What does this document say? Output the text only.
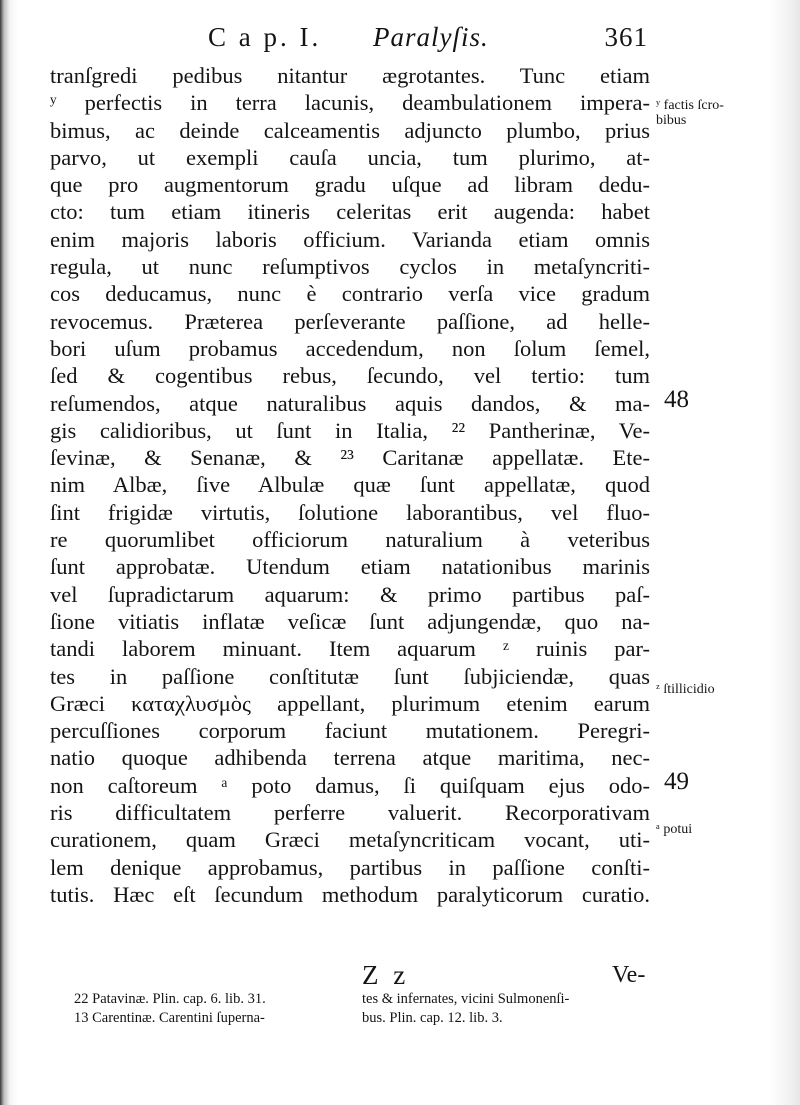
C a p. I. Paralyſis.	361
tranſgredi pedibus nitantur ægrotantes. Tunc etiam
ʸ perfectis in terra lacunis, deambulationem impera-
bimus, ac deinde calceamentis adjuncto plumbo, prius
parvo, ut exempli cauſa uncia, tum plurimo, at-
que pro augmentorum gradu uſque ad libram dedu-
cto: tum etiam itineris celeritas erit augenda: habet
enim majoris laboris officium. Varianda etiam omnis
regula, ut nunc reſumptivos cyclos in metaſyncriti-
cos deducamus, nunc è contrario verſa vice gradum
revocemus. Præterea perſeverante paſſione, ad helle-
bori uſum probamus accedendum, non ſolum ſemel,
ſed & cogentibus rebus, ſecundo, vel tertio: tum
reſumendos, atque naturalibus aquis dandos, & ma-
gis calidioribus, ut ſunt in Italia, ²² Pantherinæ, Ve-
ſevinæ, & Senanæ, & ²³ Caritanæ appellatæ. Ete-
nim Albæ, ſive Albulæ quæ ſunt appellatæ, quod
ſint frigidæ virtutis, ſolutione laborantibus, vel fluo-
re quorumlibet officiorum naturalium à veteribus
ſunt approbatæ. Utendum etiam natationibus marinis
vel ſupradictarum aquarum: & primo partibus paſ-
ſione vitiatis inflatæ veſicæ ſunt adjungendæ, quo na-
tandi laborem minuant. Item aquarum ᶻ ruinis par-
tes in paſſione conſtitutæ ſunt ſubjiciendæ, quas
Græci καταχλυσμὸς appellant, plurimum etenim earum
percuſſiones corporum faciunt mutationem. Peregri-
natio quoque adhibenda terrena atque maritima, nec-
non caſtoreum ᵃ poto damus, ſi quiſquam ejus odo-
ris difficultatem perferre valuerit. Recorporativam
curationem, quam Græci metaſyncriticam vocant, uti-
lem denique approbamus, partibus in paſſione conſti-
tutis. Hæc eſt ſecundum methodum paralyticorum curatio.
ʸ factis ſcro-
bibus
48
ᶻ ſtillicidio
49
ᵃ potui
Z z	Ve-
22 Patavinæ. Plin. cap. 6. lib. 31.
13 Carentinæ. Carentini ſuperna-
tes & infernates, vicini Sulmonenſi-
bus. Plin. cap. 12. lib. 3.
